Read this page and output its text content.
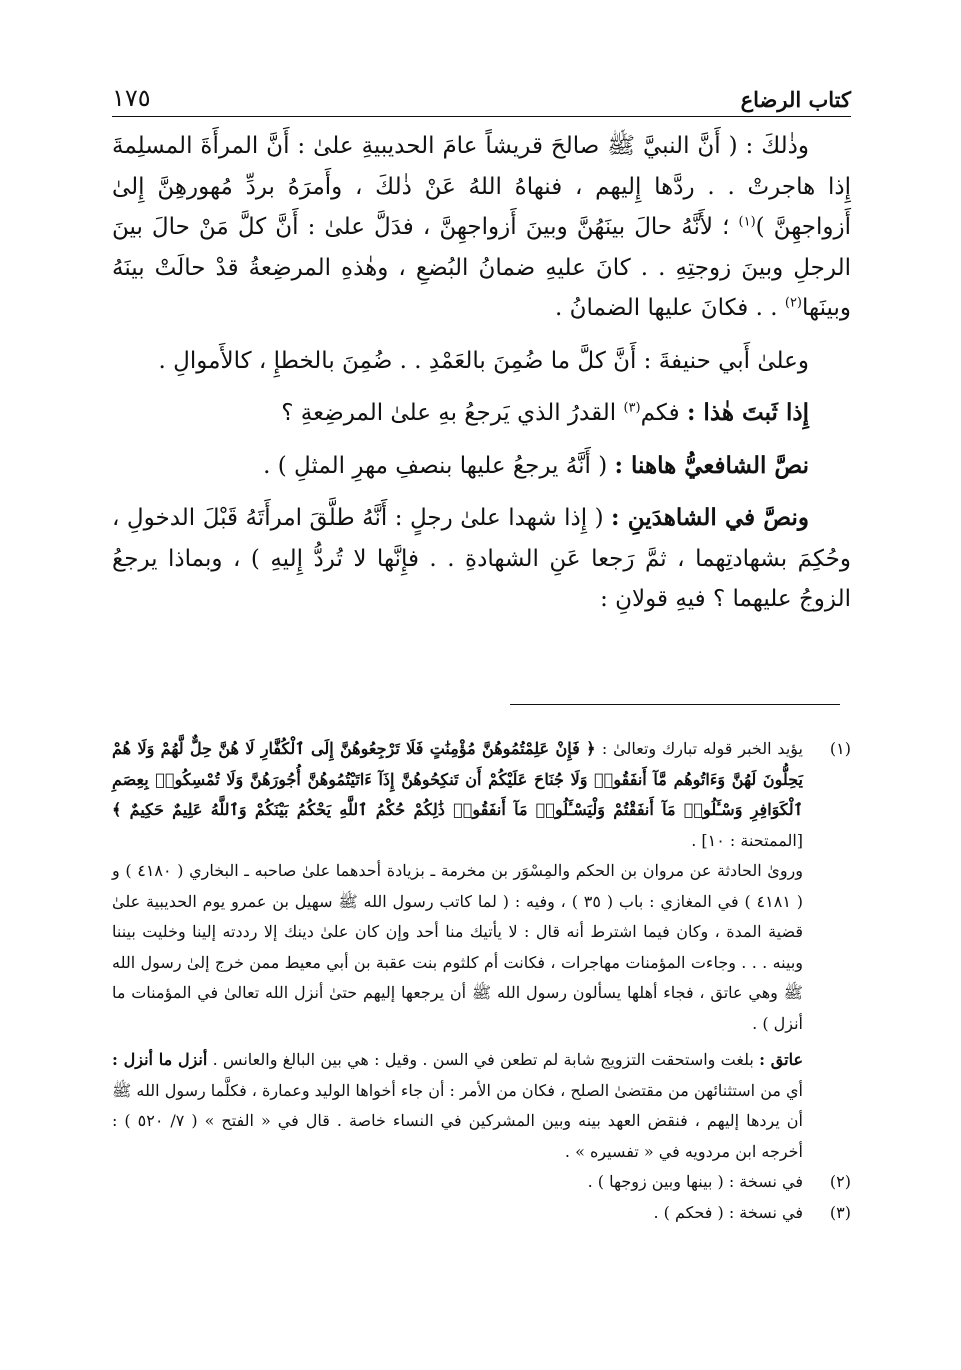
كتاب الرضاع
١٧٥

وذٰلكَ : ( أَنَّ النبيَّ ﷺ صالحَ قريشاً عامَ الحديبيةِ علىٰ : أَنَّ المرأَةَ المسلِمةَ إِذا هاجرتْ . . ردَّها إِليهم ، فنهاهُ اللهُ عَنْ ذٰلكَ ، وأَمرَهُ بردِّ مُهورهِنَّ إِلىٰ أَزواجهِنَّ )$^{(١)}$ ؛ لأَنَّهُ حالَ بينَهُنَّ وبينَ أَزواجهِنَّ ، فدَلَّ علىٰ : أَنَّ كلَّ مَنْ حالَ بينَ الرجلِ وبينَ زوجتِهِ . . كانَ عليهِ ضمانُ البُضعِ ، وهٰذهِ المرضِعةُ قدْ حالَتْ بينَهُ وبينَها$^{(٢)}$ . . فكانَ عليها الضمانُ .

وعلىٰ أَبي حنيفةَ : أَنَّ كلَّ ما ضُمِنَ بالعَمْدِ . . ضُمِنَ بالخطإِ ، كالأَموالِ .

إِذا ثَبتَ هٰذا : فكم$^{(٣)}$ القدرُ الذي يَرجعُ بهِ علىٰ المرضِعةِ ؟

نصَّ الشافعيُّ هاهنا : ( أَنَّهُ يرجعُ عليها بنصفِ مهرِ المثلِ ) .

ونصَّ في الشاهدَينِ : ( إِذا شهدا علىٰ رجلٍ : أَنَّهُ طلَّقَ امرأَتَهُ قَبْلَ الدخولِ ، وحُكِمَ بشهادتِهما ، ثمَّ رَجعا عَنِ الشهادةِ . . فإِنَّها لا تُردُّ إِليهِ ) ، وبماذا يرجعُ الزوجُ عليهما ؟ فيهِ قولانِ :

(١)

يؤيد الخبر قوله تبارك وتعالىٰ : ﴿ فَإِنْ عَلِمْتُمُوهُنَّ مُؤْمِنَٰتٍ فَلَا تَرْجِعُوهُنَّ إِلَى ٱلْكُفَّارِ لَا هُنَّ حِلٌّ لَّهُمْ وَلَا هُمْ يَحِلُّونَ لَهُنَّ وَءَاتُوهُم مَّآ أَنفَقُوا۟ وَلَا جُنَاحَ عَلَيْكُمْ أَن تَنكِحُوهُنَّ إِذَآ ءَاتَيْتُمُوهُنَّ أُجُورَهُنَّ وَلَا تُمْسِكُوا۟ بِعِصَمِ ٱلْكَوَافِرِ وَسْـَٔلُوا۟ مَآ أَنفَقْتُمْ وَلْيَسْـَٔلُوا۟ مَآ أَنفَقُوا۟ ذَٰلِكُمْ حُكْمُ ٱللَّهِ يَحْكُمُ بَيْنَكُمْ وَٱللَّهُ عَلِيمٌ حَكِيمٌ ﴾ [الممتحنة : ١٠] .

وروىٰ الحادثة عن مروان بن الحكم والمِسْوَر بن مخرمة ـ بزيادة أحدهما علىٰ صاحبه ـ البخاري ( ٤١٨٠ ) و ( ٤١٨١ ) في المغازي : باب ( ٣٥ ) ، وفيه : ( لما كاتب رسول الله ﷺ سهيل بن عمرو يوم الحديبية علىٰ قضية المدة ، وكان فيما اشترط أنه قال : لا يأتيك منا أحد وإن كان علىٰ دينك إلا رددته إلينا وخليت بيننا وبينه . . . وجاءت المؤمنات مهاجرات ، فكانت أم كلثوم بنت عقبة بن أبي معيط ممن خرج إلىٰ رسول الله ﷺ وهي عاتق ، فجاء أهلها يسألون رسول الله ﷺ أن يرجعها إليهم حتىٰ أنزل الله تعالىٰ في المؤمنات ما أنزل ) .

عاتق : بلغت واستحقت التزويج شابة لم تطعن في السن . وقيل : هي بين البالغ والعانس . أنزل ما أنزل : أي من استثنائهن من مقتضىٰ الصلح ، فكان من الأمر : أن جاء أخواها الوليد وعمارة ، فكلَّما رسول الله ﷺ أن يردها إليهم ، فنقض العهد بينه وبين المشركين في النساء خاصة . قال في « الفتح » ( ٧/ ٥٢٠ ) : أخرجه ابن مردويه في « تفسيره » .

(٢)
في نسخة : ( بينها وبين زوجها ) .
(٣)
في نسخة : ( فحكم ) .
